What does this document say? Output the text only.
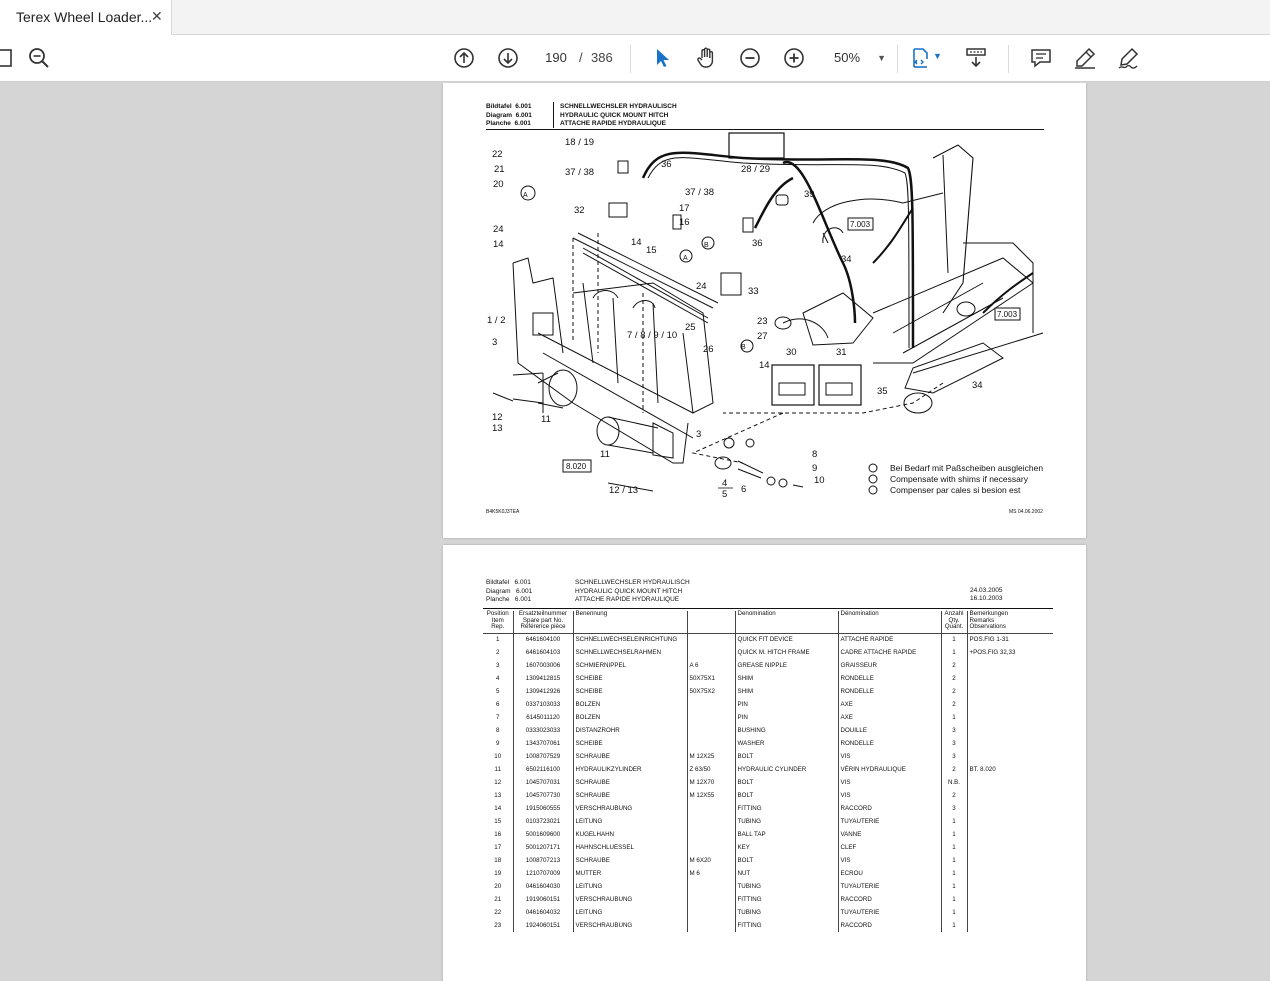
Terex Wheel Loader...
✕
190
/ 386	50% ▼	▼
Bildtafel  6.001
Diagram  6.001
Planche  6.001
SCHNELLWECHSLER HYDRAULISCH
HYDRAULIC QUICK MOUNT HITCH
ATTACHE RAPIDE HYDRAULIQUE
18 / 19
36
22
21	37 / 38	28 / 29
20
A
32
37 / 38	39
17
16	7.003
24
14
15	B
A
36
14
34
24	33
1 / 2
7 / 8 / 9 / 10
25
23
7.003
27
26	B	30	31
3
14
35
34
12
13
11
3
11
8.020
8
9
4
5 6
10
12 / 13
Bei Bedarf mit Paßscheiben ausgleichen
Compensate with shims if necessary
Compenser par cales si besion est
B4K5K0J3TEA	MS 04.06.2002
Bildtafel   6.001
Diagram   6.001
Planche   6.001
SCHNELLWECHSLER HYDRAULISCH
HYDRAULIC QUICK MOUNT HITCH
ATTACHE RAPIDE HYDRAULIQUE
24.03.2005
16.10.2003
Position
Item
Rep.	Ersatzteilnummer
Spare part No.
Référence pièce	Benennung		Denomination	Dénomination	Anzahl
Qty.
Quant.	Bemerkungen
Remarks
Observations
1	6461604100	SCHNELLWECHSELEINRICHTUNG		QUICK FIT DEVICE	ATTACHE RAPIDE	1	POS.FIG 1-31
2	6461604103	SCHNELLWECHSELRAHMEN		QUICK M. HITCH FRAME	CADRE ATTACHE RAPIDE	1	+POS.FIG 32,33
3	1607003006	SCHMIERNIPPEL	A 6	GREASE NIPPLE	GRAISSEUR	2	
4	1309412815	SCHEIBE	50X75X1	SHIM	RONDELLE	2	
5	1309412926	SCHEIBE	50X75X2	SHIM	RONDELLE	2	
6	0337103033	BOLZEN		PIN	AXE	2	
7	6145011120	BOLZEN		PIN	AXE	1	
8	0333023033	DISTANZROHR		BUSHING	DOUILLE	3	
9	1343707061	SCHEIBE		WASHER	RONDELLE	3	
10	1008707529	SCHRAUBE	M 12X25	BOLT	VIS	3	
11	6502116100	HYDRAULIKZYLINDER	Z 63/50	HYDRAULIC CYLINDER	VÉRIN HYDRAULIQUE	2	BT. 8.020
12	1045707031	SCHRAUBE	M 12X70	BOLT	VIS	N.B.	
13	1045707730	SCHRAUBE	M 12X55	BOLT	VIS	2	
14	1915060555	VERSCHRAUBUNG		FITTING	RACCORD	3	
15	0103723021	LEITUNG		TUBING	TUYAUTERIE	1	
16	5001609600	KUGELHAHN		BALL TAP	VANNE	1	
17	5001207171	HAHNSCHLUESSEL		KEY	CLEF	1	
18	1008707213	SCHRAUBE	M 6X20	BOLT	VIS	1	
19	1210707009	MUTTER	M 6	NUT	ECROU	1	
20	0461604030	LEITUNG		TUBING	TUYAUTERIE	1	
21	1919060151	VERSCHRAUBUNG		FITTING	RACCORD	1	
22	0461604032	LEITUNG		TUBING	TUYAUTERIE	1	
23	1924060151	VERSCHRAUBUNG		FITTING	RACCORD	1	
